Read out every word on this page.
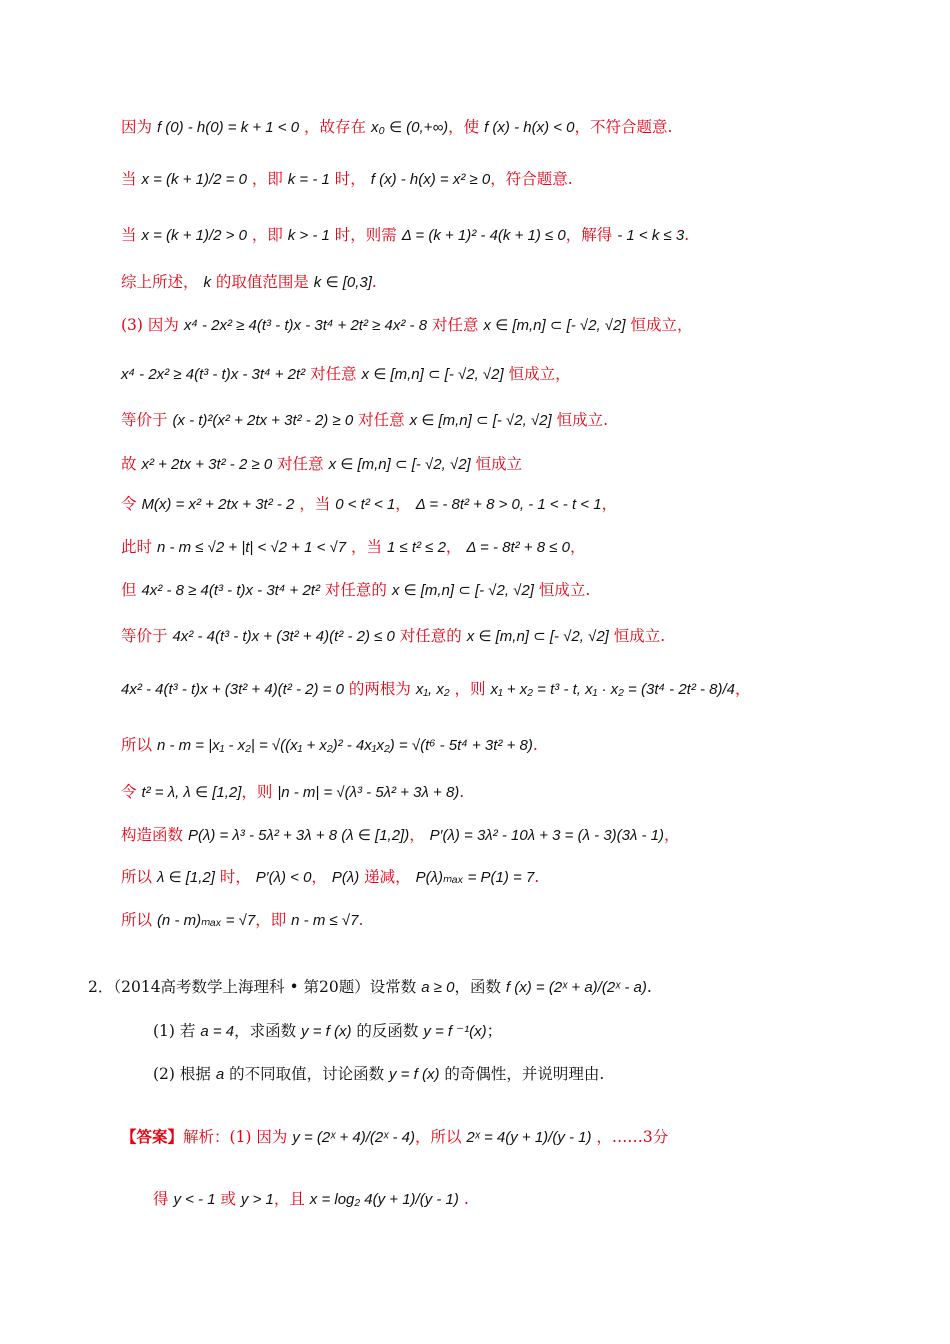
因为 f (0) - h(0) = k + 1 < 0 ，故存在 x₀ ∈ (0,+∞)，使 f (x) - h(x) < 0，不符合题意.
当 x = (k + 1)/2 = 0 ，即 k = - 1 时， f (x) - h(x) = x² ≥ 0，符合题意.
当 x = (k + 1)/2 > 0 ，即 k > - 1 时，则需 Δ = (k + 1)² - 4(k + 1) ≤ 0，解得 - 1 < k ≤ 3.
综上所述， k 的取值范围是 k ∈ [0,3].
(3) 因为 x⁴ - 2x² ≥ 4(t³ - t)x - 3t⁴ + 2t² ≥ 4x² - 8 对任意 x ∈ [m,n] ⊂ [- √2, √2] 恒成立，
x⁴ - 2x² ≥ 4(t³ - t)x - 3t⁴ + 2t² 对任意 x ∈ [m,n] ⊂ [- √2, √2] 恒成立，
等价于 (x - t)²(x² + 2tx + 3t² - 2) ≥ 0 对任意 x ∈ [m,n] ⊂ [- √2, √2] 恒成立.
故 x² + 2tx + 3t² - 2 ≥ 0 对任意 x ∈ [m,n] ⊂ [- √2, √2] 恒成立
令 M(x) = x² + 2tx + 3t² - 2 ，当 0 < t² < 1， Δ = - 8t² + 8 > 0, - 1 < - t < 1，
此时 n - m ≤ √2 + |t| < √2 + 1 < √7 ，当 1 ≤ t² ≤ 2， Δ = - 8t² + 8 ≤ 0，
但 4x² - 8 ≥ 4(t³ - t)x - 3t⁴ + 2t² 对任意的 x ∈ [m,n] ⊂ [- √2, √2] 恒成立.
等价于 4x² - 4(t³ - t)x + (3t² + 4)(t² - 2) ≤ 0 对任意的 x ∈ [m,n] ⊂ [- √2, √2] 恒成立.
4x² - 4(t³ - t)x + (3t² + 4)(t² - 2) = 0 的两根为 x₁, x₂ ，则 x₁ + x₂ = t³ - t, x₁ · x₂ = (3t⁴ - 2t² - 8)/4，
所以 n - m = |x₁ - x₂| = √((x₁ + x₂)² - 4x₁x₂) = √(t⁶ - 5t⁴ + 3t² + 8).
令 t² = λ, λ ∈ [1,2]，则 |n - m| = √(λ³ - 5λ² + 3λ + 8).
构造函数 P(λ) = λ³ - 5λ² + 3λ + 8 (λ ∈ [1,2])， P′(λ) = 3λ² - 10λ + 3 = (λ - 3)(3λ - 1)，
所以 λ ∈ [1,2] 时， P′(λ) < 0， P(λ) 递减， P(λ)ₘₐₓ = P(1) = 7.
所以 (n - m)ₘₐₓ = √7，即 n - m ≤ √7.
2．（2014高考数学上海理科 • 第20题）设常数 a ≥ 0，函数 f (x) = (2ˣ + a)/(2ˣ - a).
(1) 若 a = 4，求函数 y = f (x) 的反函数 y = f ⁻¹(x)；
(2) 根据 a 的不同取值，讨论函数 y = f (x) 的奇偶性，并说明理由.
【答案】解析：(1) 因为 y = (2ˣ + 4)/(2ˣ - 4)，所以 2ˣ = 4(y + 1)/(y - 1) ，……3分
得 y < - 1 或 y > 1，且 x = log₂ 4(y + 1)/(y - 1) .
